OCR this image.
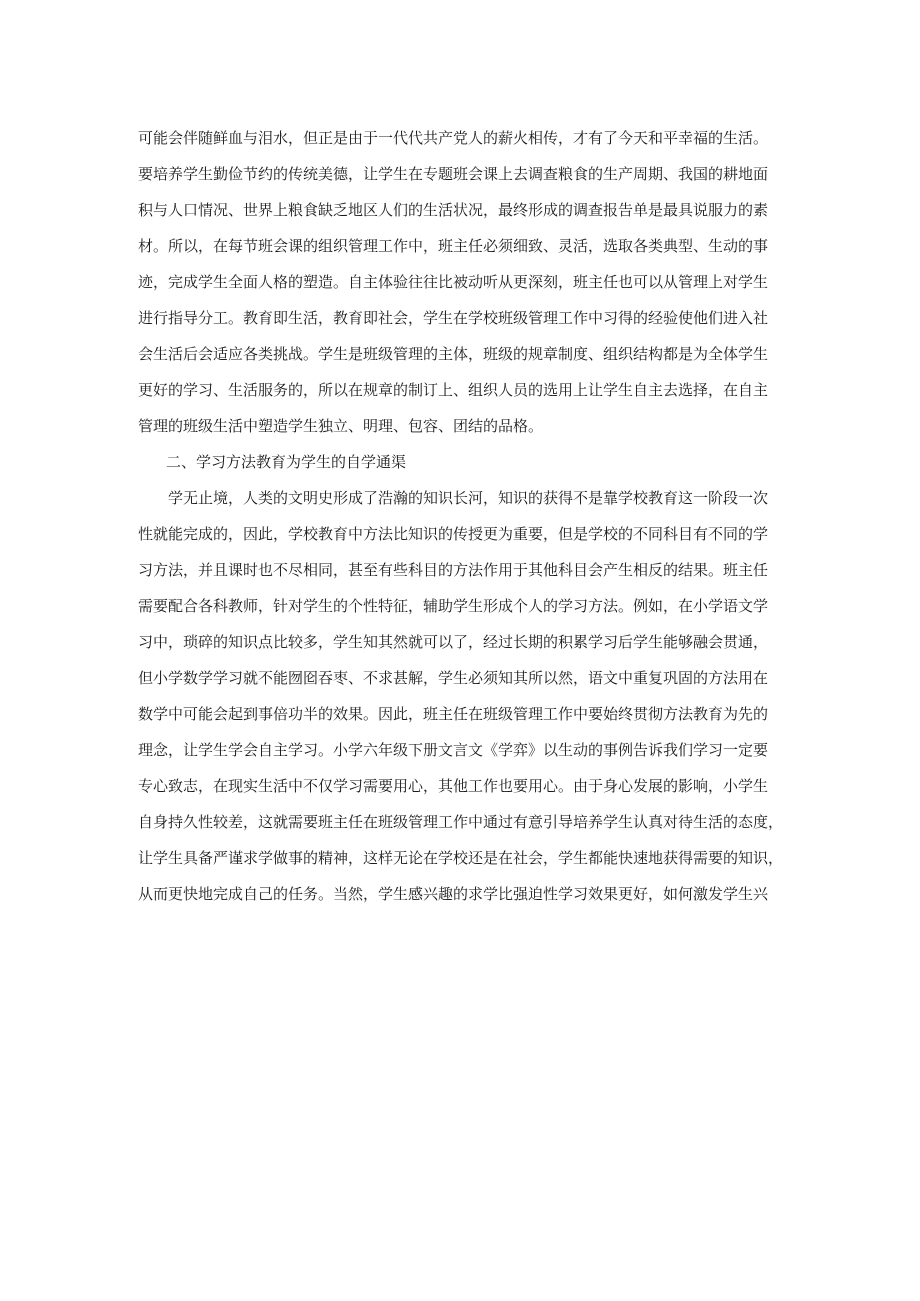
可能会伴随鲜血与泪水，但正是由于一代代共产党人的薪火相传，才有了今天和平幸福的生活。
要培养学生勤俭节约的传统美德，让学生在专题班会课上去调查粮食的生产周期、我国的耕地面
积与人口情况、世界上粮食缺乏地区人们的生活状况，最终形成的调查报告单是最具说服力的素
材。所以，在每节班会课的组织管理工作中，班主任必须细致、灵活，选取各类典型、生动的事
迹，完成学生全面人格的塑造。自主体验往往比被动听从更深刻，班主任也可以从管理上对学生
进行指导分工。教育即生活，教育即社会，学生在学校班级管理工作中习得的经验使他们进入社
会生活后会适应各类挑战。学生是班级管理的主体，班级的规章制度、组织结构都是为全体学生
更好的学习、生活服务的，所以在规章的制订上、组织人员的选用上让学生自主去选择，在自主
管理的班级生活中塑造学生独立、明理、包容、团结的品格。
二、学习方法教育为学生的自学通渠
学无止境，人类的文明史形成了浩瀚的知识长河，知识的获得不是靠学校教育这一阶段一次
性就能完成的，因此，学校教育中方法比知识的传授更为重要，但是学校的不同科目有不同的学
习方法，并且课时也不尽相同，甚至有些科目的方法作用于其他科目会产生相反的结果。班主任
需要配合各科教师，针对学生的个性特征，辅助学生形成个人的学习方法。例如，在小学语文学
习中，琐碎的知识点比较多，学生知其然就可以了，经过长期的积累学习后学生能够融会贯通，
但小学数学学习就不能囫囵吞枣、不求甚解，学生必须知其所以然，语文中重复巩固的方法用在
数学中可能会起到事倍功半的效果。因此，班主任在班级管理工作中要始终贯彻方法教育为先的
理念，让学生学会自主学习。小学六年级下册文言文《学弈》以生动的事例告诉我们学习一定要
专心致志，在现实生活中不仅学习需要用心，其他工作也要用心。由于身心发展的影响，小学生
自身持久性较差，这就需要班主任在班级管理工作中通过有意引导培养学生认真对待生活的态度，
让学生具备严谨求学做事的精神，这样无论在学校还是在社会，学生都能快速地获得需要的知识，
从而更快地完成自己的任务。当然，学生感兴趣的求学比强迫性学习效果更好，如何激发学生兴
